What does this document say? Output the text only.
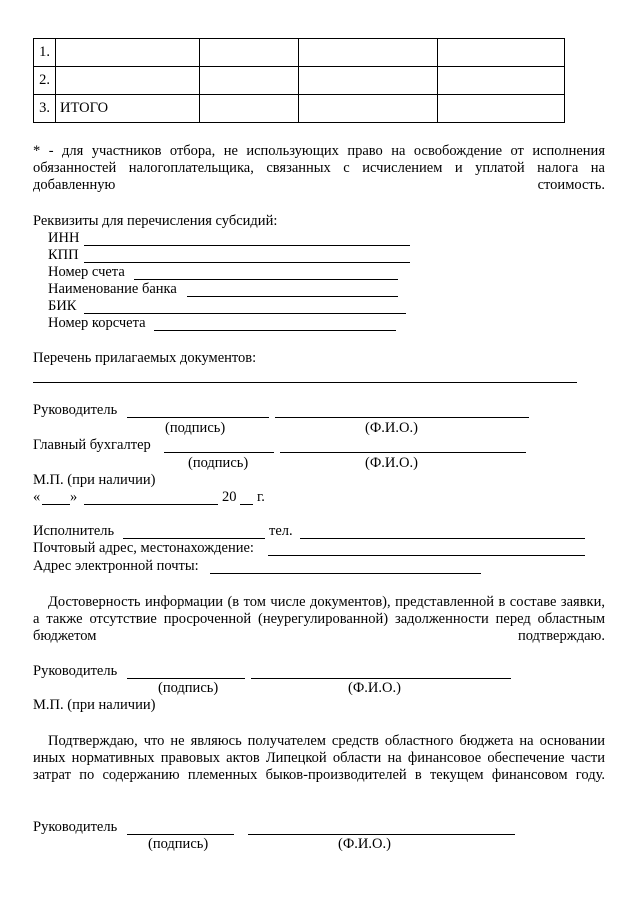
1.				
2.				
3.	ИТОГО			
* - для участников отбора, не использующих право на освобождение от исполнения обязанностей налогоплательщика, связанных с исчислением и уплатой налога на добавленную стоимость.
Реквизиты для перечисления субсидий:
ИНН
КПП
Номер счета
Наименование банка
БИК
Номер корсчета
Перечень прилагаемых документов:
Руководитель
(подпись)	(Ф.И.О.)
Главный бухгалтер
(подпись)	(Ф.И.О.)
М.П. (при наличии)
« »	20 г.
Исполнитель	тел.
Почтовый адрес, местонахождение:
Адрес электронной почты:
Достоверность информации (в том числе документов), представленной в составе заявки, а также отсутствие просроченной (неурегулированной) задолженности перед областным бюджетом подтверждаю.
Руководитель
(подпись)	(Ф.И.О.)
М.П. (при наличии)
Подтверждаю, что не являюсь получателем средств областного бюджета на основании иных нормативных правовых актов Липецкой области на финансовое обеспечение части затрат по содержанию племенных быков-производителей в текущем финансовом году.
Руководитель
(подпись)	(Ф.И.О.)
